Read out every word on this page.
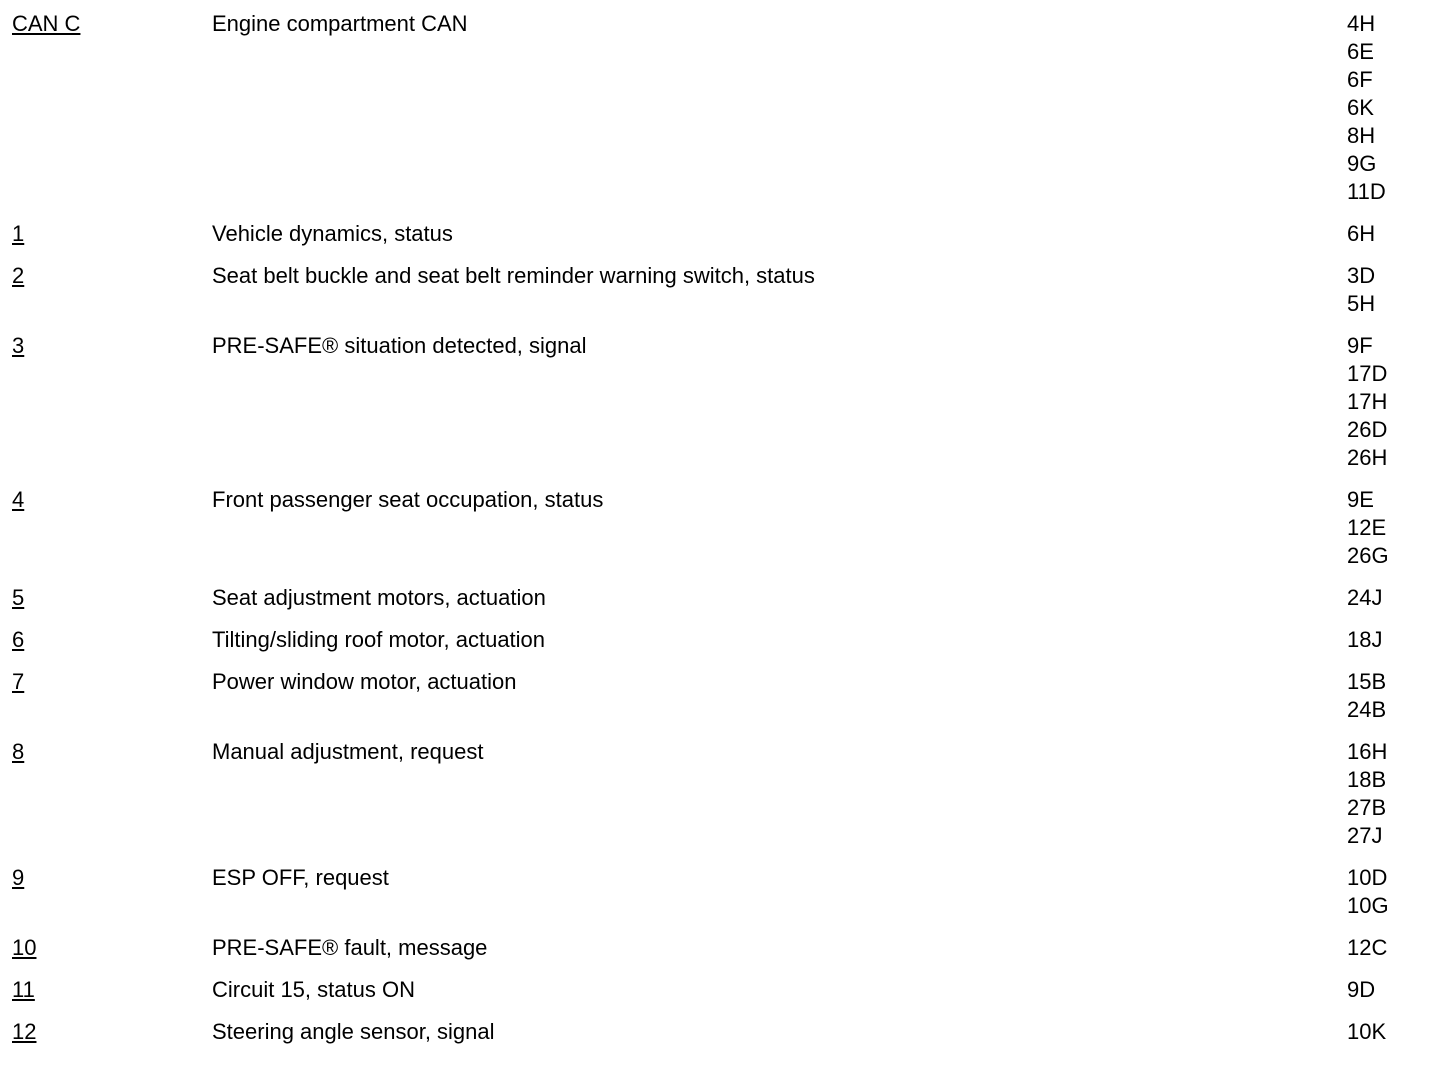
CAN C	Engine compartment CAN	4H
6E
6F
6K
8H
9G
11D
1	Vehicle dynamics, status	6H
2	Seat belt buckle and seat belt reminder warning switch, status	3D
5H
3	PRE-SAFE® situation detected, signal	9F
17D
17H
26D
26H
4	Front passenger seat occupation, status	9E
12E
26G
5	Seat adjustment motors, actuation	24J
6	Tilting/sliding roof motor, actuation	18J
7	Power window motor, actuation	15B
24B
8	Manual adjustment, request	16H
18B
27B
27J
9	ESP OFF, request	10D
10G
10	PRE-SAFE® fault, message	12C
11	Circuit 15, status ON	9D
12	Steering angle sensor, signal	10K
